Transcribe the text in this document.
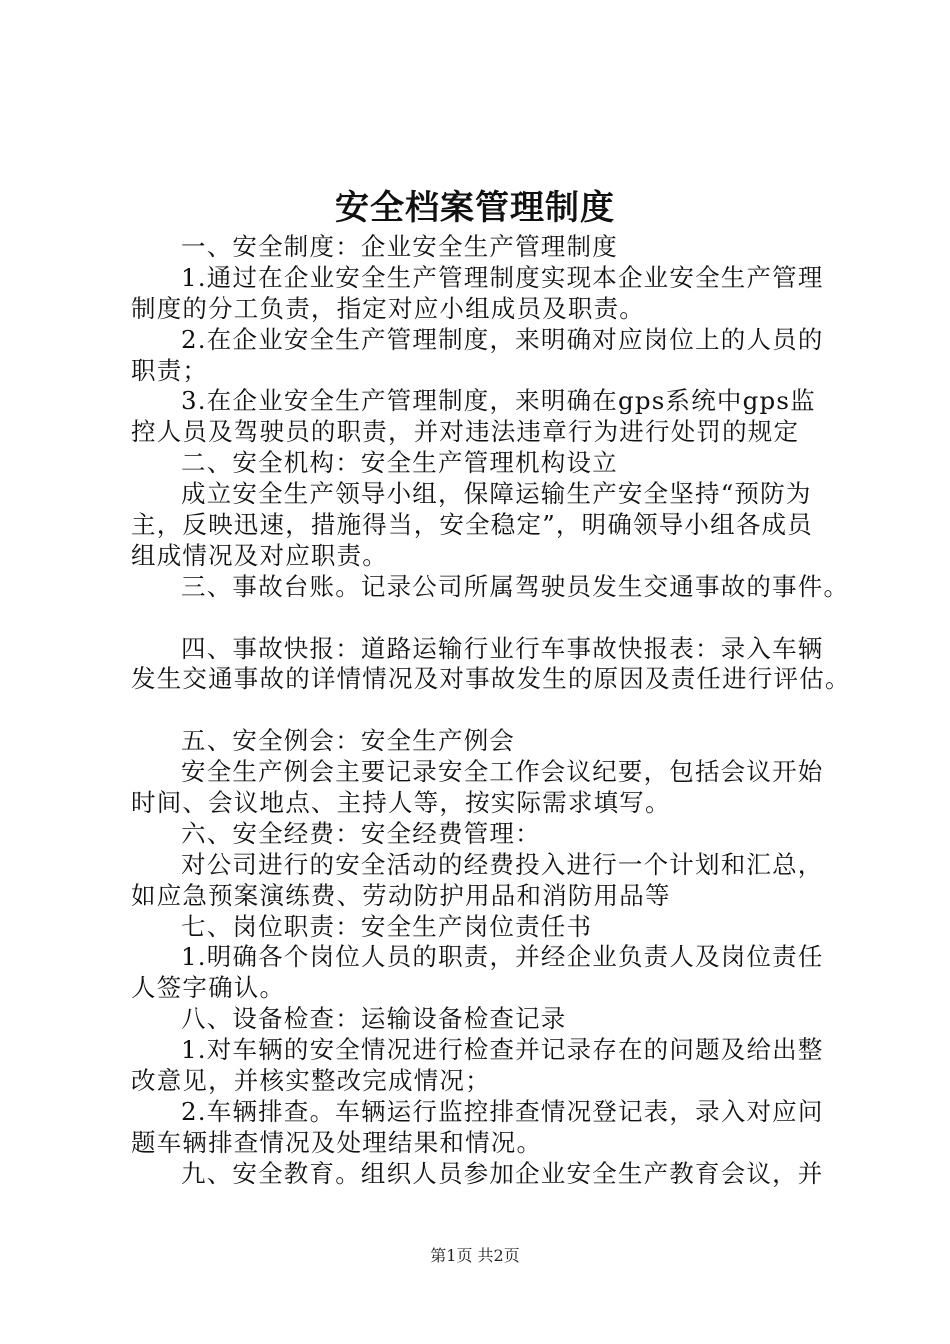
安全档案管理制度
一、安全制度：企业安全生产管理制度
1.通过在企业安全生产管理制度实现本企业安全生产管理
制度的分工负责，指定对应小组成员及职责。
2.在企业安全生产管理制度，来明确对应岗位上的人员的
职责；
3.在企业安全生产管理制度，来明确在gps系统中gps监
控人员及驾驶员的职责，并对违法违章行为进行处罚的规定
二、安全机构：安全生产管理机构设立
成立安全生产领导小组，保障运输生产安全坚持“预防为
主，反映迅速，措施得当，安全稳定”，明确领导小组各成员
组成情况及对应职责。
三、事故台账。记录公司所属驾驶员发生交通事故的事件。
四、事故快报：道路运输行业行车事故快报表：录入车辆
发生交通事故的详情情况及对事故发生的原因及责任进行评估。
五、安全例会：安全生产例会
安全生产例会主要记录安全工作会议纪要，包括会议开始
时间、会议地点、主持人等，按实际需求填写。
六、安全经费：安全经费管理：
对公司进行的安全活动的经费投入进行一个计划和汇总，
如应急预案演练费、劳动防护用品和消防用品等
七、岗位职责：安全生产岗位责任书
1.明确各个岗位人员的职责，并经企业负责人及岗位责任
人签字确认。
八、设备检查：运输设备检查记录
1.对车辆的安全情况进行检查并记录存在的问题及给出整
改意见，并核实整改完成情况；
2.车辆排查。车辆运行监控排查情况登记表，录入对应问
题车辆排查情况及处理结果和情况。
九、安全教育。组织人员参加企业安全生产教育会议，并
第1页 共2页
